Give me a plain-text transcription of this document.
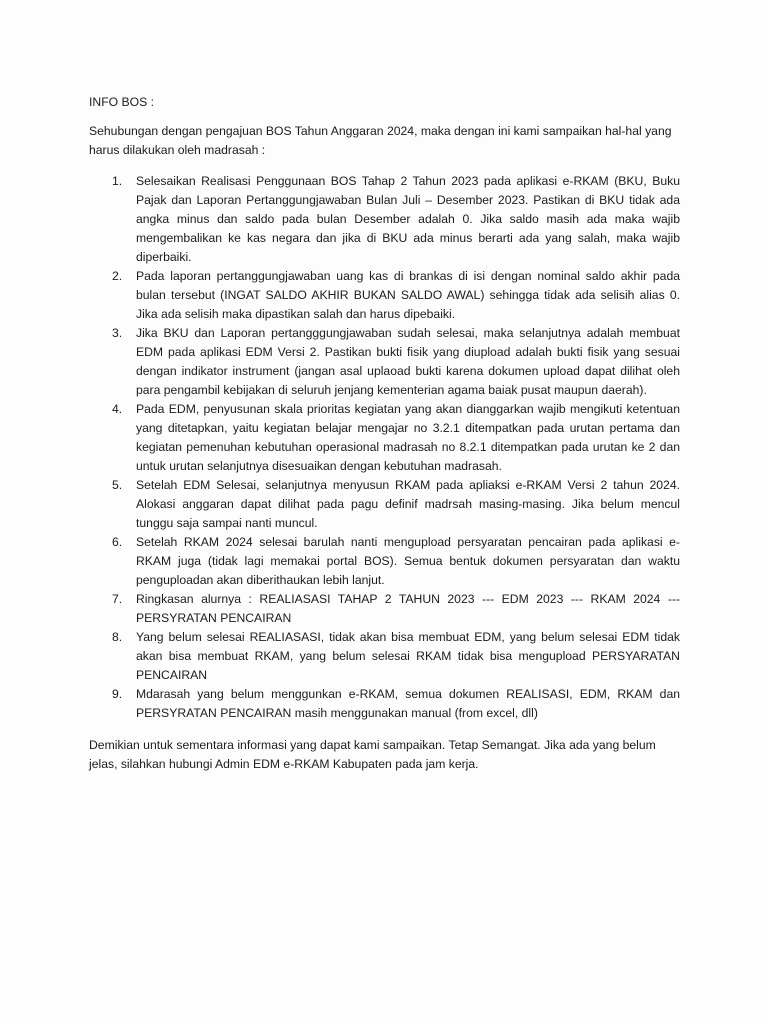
INFO BOS :

Sehubungan dengan pengajuan BOS Tahun Anggaran 2024, maka dengan ini kami sampaikan hal-hal yang harus dilakukan oleh madrasah :

1. Selesaikan Realisasi Penggunaan BOS Tahap 2 Tahun 2023 pada aplikasi e-RKAM (BKU, Buku Pajak dan Laporan Pertanggungjawaban Bulan Juli – Desember 2023. Pastikan di BKU tidak ada angka minus dan saldo pada bulan Desember adalah 0. Jika saldo masih ada maka wajib mengembalikan ke kas negara dan jika di BKU ada minus berarti ada yang salah, maka wajib diperbaiki.
2. Pada laporan pertanggungjawaban uang kas di brankas di isi dengan nominal saldo akhir pada bulan tersebut (INGAT SALDO AKHIR BUKAN SALDO AWAL) sehingga tidak ada selisih alias 0. Jika ada selisih maka dipastikan salah dan harus dipebaiki.
3. Jika BKU dan Laporan pertangggungjawaban sudah selesai, maka selanjutnya adalah membuat EDM pada aplikasi EDM Versi 2. Pastikan bukti fisik yang diupload adalah bukti fisik yang sesuai dengan indikator instrument (jangan asal uplaoad bukti karena dokumen upload dapat dilihat oleh para pengambil kebijakan di seluruh jenjang kementerian agama baiak pusat maupun daerah).
4. Pada EDM, penyusunan skala prioritas kegiatan yang akan dianggarkan wajib mengikuti ketentuan yang ditetapkan, yaitu kegiatan belajar mengajar no 3.2.1 ditempatkan pada urutan pertama dan kegiatan pemenuhan kebutuhan operasional madrasah no 8.2.1 ditempatkan pada urutan ke 2 dan untuk urutan selanjutnya disesuaikan dengan kebutuhan madrasah.
5. Setelah EDM Selesai, selanjutnya menyusun RKAM pada apliaksi e-RKAM Versi 2 tahun 2024. Alokasi anggaran dapat dilihat pada pagu definif madrsah masing-masing. Jika belum mencul tunggu saja sampai nanti muncul.
6. Setelah RKAM 2024 selesai barulah nanti mengupload persyaratan pencairan pada aplikasi e-RKAM juga (tidak lagi memakai portal BOS). Semua bentuk dokumen persyaratan dan waktu penguploadan akan diberithaukan lebih lanjut.
7. Ringkasan alurnya : REALIASASI TAHAP 2 TAHUN 2023 --- EDM 2023 --- RKAM 2024 --- PERSYRATAN PENCAIRAN
8. Yang belum selesai REALIASASI, tidak akan bisa membuat EDM, yang belum selesai EDM tidak akan bisa membuat RKAM, yang belum selesai RKAM tidak bisa mengupload PERSYARATAN PENCAIRAN
9. Mdarasah yang belum menggunkan e-RKAM, semua dokumen REALISASI, EDM, RKAM dan PERSYRATAN PENCAIRAN masih menggunakan manual (from excel, dll)

Demikian untuk sementara informasi yang dapat kami sampaikan. Tetap Semangat. Jika ada yang belum jelas, silahkan hubungi Admin EDM e-RKAM Kabupaten pada jam kerja.
